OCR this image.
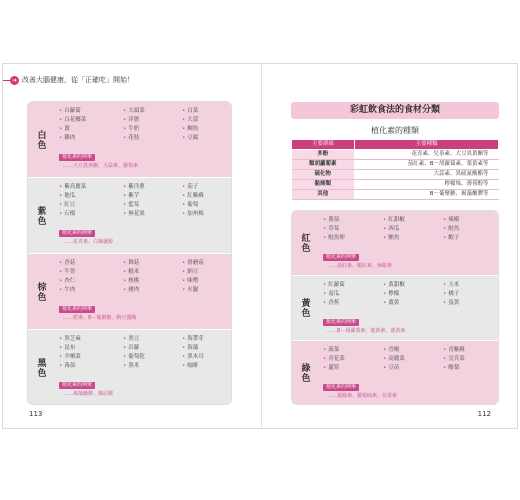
➜ 改善大腦健康，從「正確吃」開始！
白色
• 白蘿蔔	• 大頭菜	• 白菜
• 白花椰菜	• 洋蔥	• 大蒜
• 薑	• 牛奶	• 鯛魚
• 雞肉	• 花枝	• 豆腐
植化素的例舉
……大豆異黃酮、大蒜素、蘿蔔素
紫色
• 紫高麗菜	• 紫洋蔥	• 茄子
• 地瓜	• 紫芋	• 紅紫蘇
• 紅豆	• 藍莓	• 葡萄
• 石榴	• 無花果	• 加州梅
植化素的例舉
……花青素、白藜蘆醇
棕色
• 香菇	• 舞菇	• 滑蘑菇
• 牛蒡	• 糙米	• 納豆
• 杏仁	• 核桃	• 味噌
• 牛肉	• 豬肉	• 火腿
植化素的例舉
……乾素、B－葡聚糖、納豆激酶
黑色
• 黑芝麻	• 黑豆	• 海帶芽
• 昆布	• 岩蘿	• 海藻
• 羊栖菜	• 葡萄乾	• 黑木耳
• 蒟蒻	• 黑米	• 咖啡
植化素的例舉
……褐藻醣膠、綠原酸
彩虹飲食法的食材分類
植化素的種類
主要群組	主要種類
多酚	花青素、兒茶素、大豆異黃酮等
類胡蘿蔔素	茄紅素、B－胡蘿蔔素、葉黃素等
硫化物	大蒜素、異硫氰酸酯等
黏烯類	檸檬烯、薄荷醇等
其他	B－葡聚糖、褐藻醣膠等
紅色
• 番茄	• 紅甜椒	• 辣椒
• 草莓	• 西瓜	• 鮭魚
• 鮭魚卵	• 鮪魚	• 蝦子
植化素的例舉
……茄紅素、蝦紅素、辣椒素
黃色
• 紅蘿蔔	• 黃甜椒	• 玉米
• 南瓜	• 檸檬	• 橘子
• 香蕉	• 薑黃	• 蛋黃
植化素的例舉
……B－胡蘿蔔素、葉黃素、薑黃素
綠色
• 菠菜	• 青椒	• 青紫蘇
• 青花菜	• 高麗菜	• 皇宮菜
• 蘆筍	• 豆苗	• 酪梨
植化素的例舉
……葉綠素、蘿蔔硫素、兒茶素
113	112
